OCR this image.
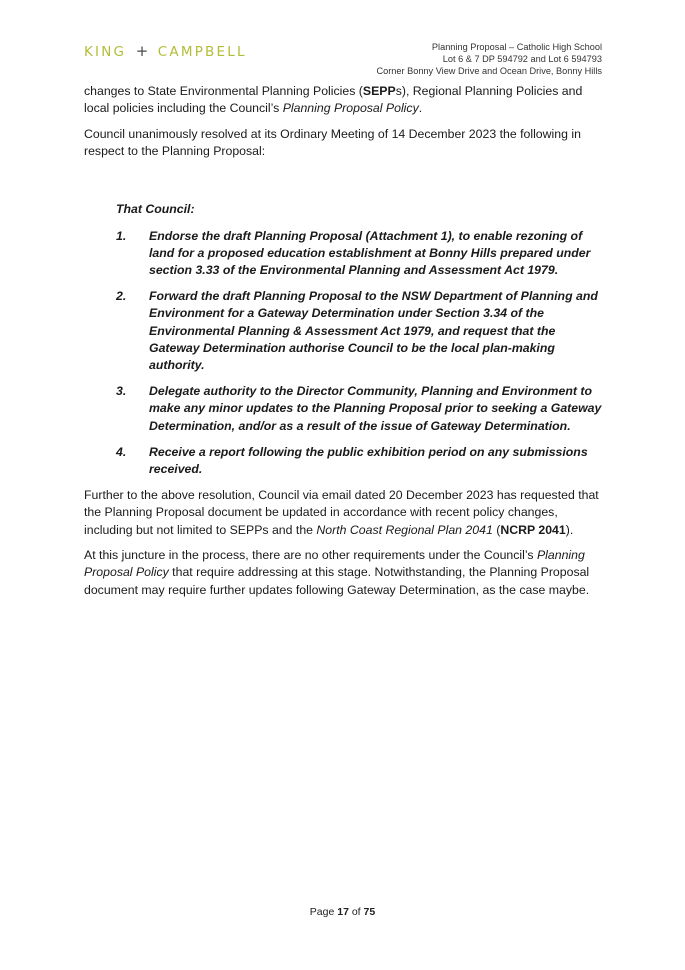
KING + CAMPBELL	Planning Proposal – Catholic High School
Lot 6 & 7 DP 594792 and Lot 6 594793
Corner Bonny View Drive and Ocean Drive, Bonny Hills

changes to State Environmental Planning Policies (SEPPs), Regional Planning Policies and local policies including the Council’s Planning Proposal Policy.

Council unanimously resolved at its Ordinary Meeting of 14 December 2023 the following in respect to the Planning Proposal:

That Council:
1.	Endorse the draft Planning Proposal (Attachment 1), to enable rezoning of land for a proposed education establishment at Bonny Hills prepared under section 3.33 of the Environmental Planning and Assessment Act 1979.
2.	Forward the draft Planning Proposal to the NSW Department of Planning and Environment for a Gateway Determination under Section 3.34 of the Environmental Planning & Assessment Act 1979, and request that the Gateway Determination authorise Council to be the local plan-making authority.
3.	Delegate authority to the Director Community, Planning and Environment to make any minor updates to the Planning Proposal prior to seeking a Gateway Determination, and/or as a result of the issue of Gateway Determination.
4.	Receive a report following the public exhibition period on any submissions received.

Further to the above resolution, Council via email dated 20 December 2023 has requested that the Planning Proposal document be updated in accordance with recent policy changes, including but not limited to SEPPs and the North Coast Regional Plan 2041 (NCRP 2041).

At this juncture in the process, there are no other requirements under the Council’s Planning Proposal Policy that require addressing at this stage. Notwithstanding, the Planning Proposal document may require further updates following Gateway Determination, as the case maybe.

Page 17 of 75
